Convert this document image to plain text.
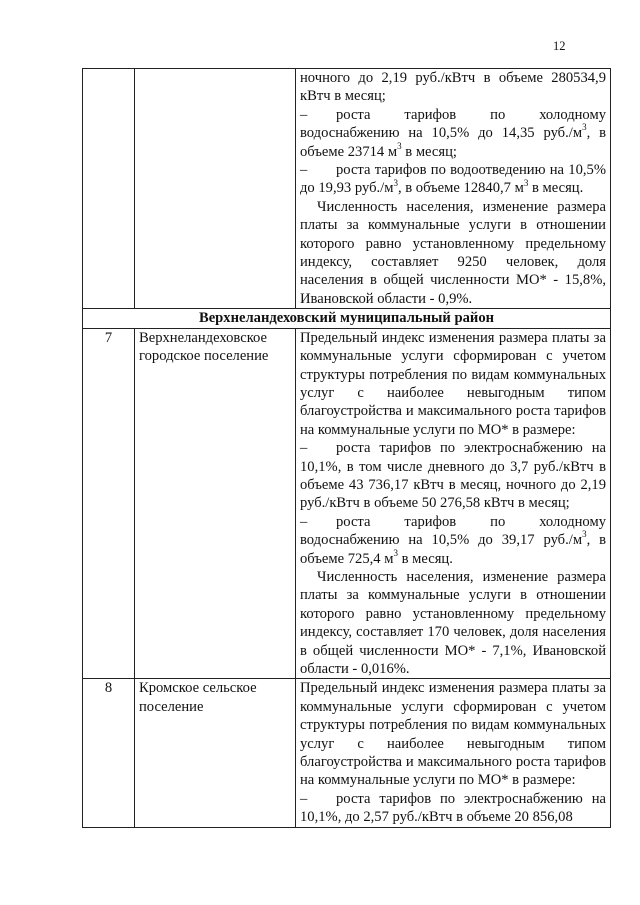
12

		ночного до 2,19 руб./кВтч в объеме 280534,9 кВтч в месяц;
– роста тарифов по холодному водоснабжению на 10,5% до 14,35 $руб./м^3$, в объеме 23714 $м^3$ в месяц;
– роста тарифов по водоотведению на 10,5% до 19,93 $руб./м^3$, в объеме 12840,7 $м^3$ в месяц.
Численность населения, изменение размера платы за коммунальные услуги в отношении которого равно установленному предельному индексу, составляет 9250 человек, доля населения в общей численности МО* - 15,8%, Ивановской области - 0,9%.

Верхнеландеховский муниципальный район		
7	Верхнеландеховское городское поселение	Предельный индекс изменения размера платы за коммунальные услуги сформирован с учетом структуры потребления по видам коммунальных услуг с наиболее невыгодным типом благоустройства и максимального роста тарифов на коммунальные услуги по МО* в размере:
– роста тарифов по электроснабжению на 10,1%, в том числе дневного до 3,7 руб./кВтч в объеме 43 736,17 кВтч в месяц, ночного до 2,19 руб./кВтч в объеме 50 276,58 кВтч в месяц;
– роста тарифов по холодному водоснабжению на 10,5% до 39,17 $руб./м^3$, в объеме 725,4 $м^3$ в месяц.
Численность населения, изменение размера платы за коммунальные услуги в отношении которого равно установленному предельному индексу, составляет 170 человек, доля населения в общей численности МО* - 7,1%, Ивановской области - 0,016%.

8	Кромское сельское поселение	Предельный индекс изменения размера платы за коммунальные услуги сформирован с учетом структуры потребления по видам коммунальных услуг с наиболее невыгодным типом благоустройства и максимального роста тарифов на коммунальные услуги по МО* в размере:
– роста тарифов по электроснабжению на 10,1%, до 2,57 руб./кВтч в объеме 20 856,08
